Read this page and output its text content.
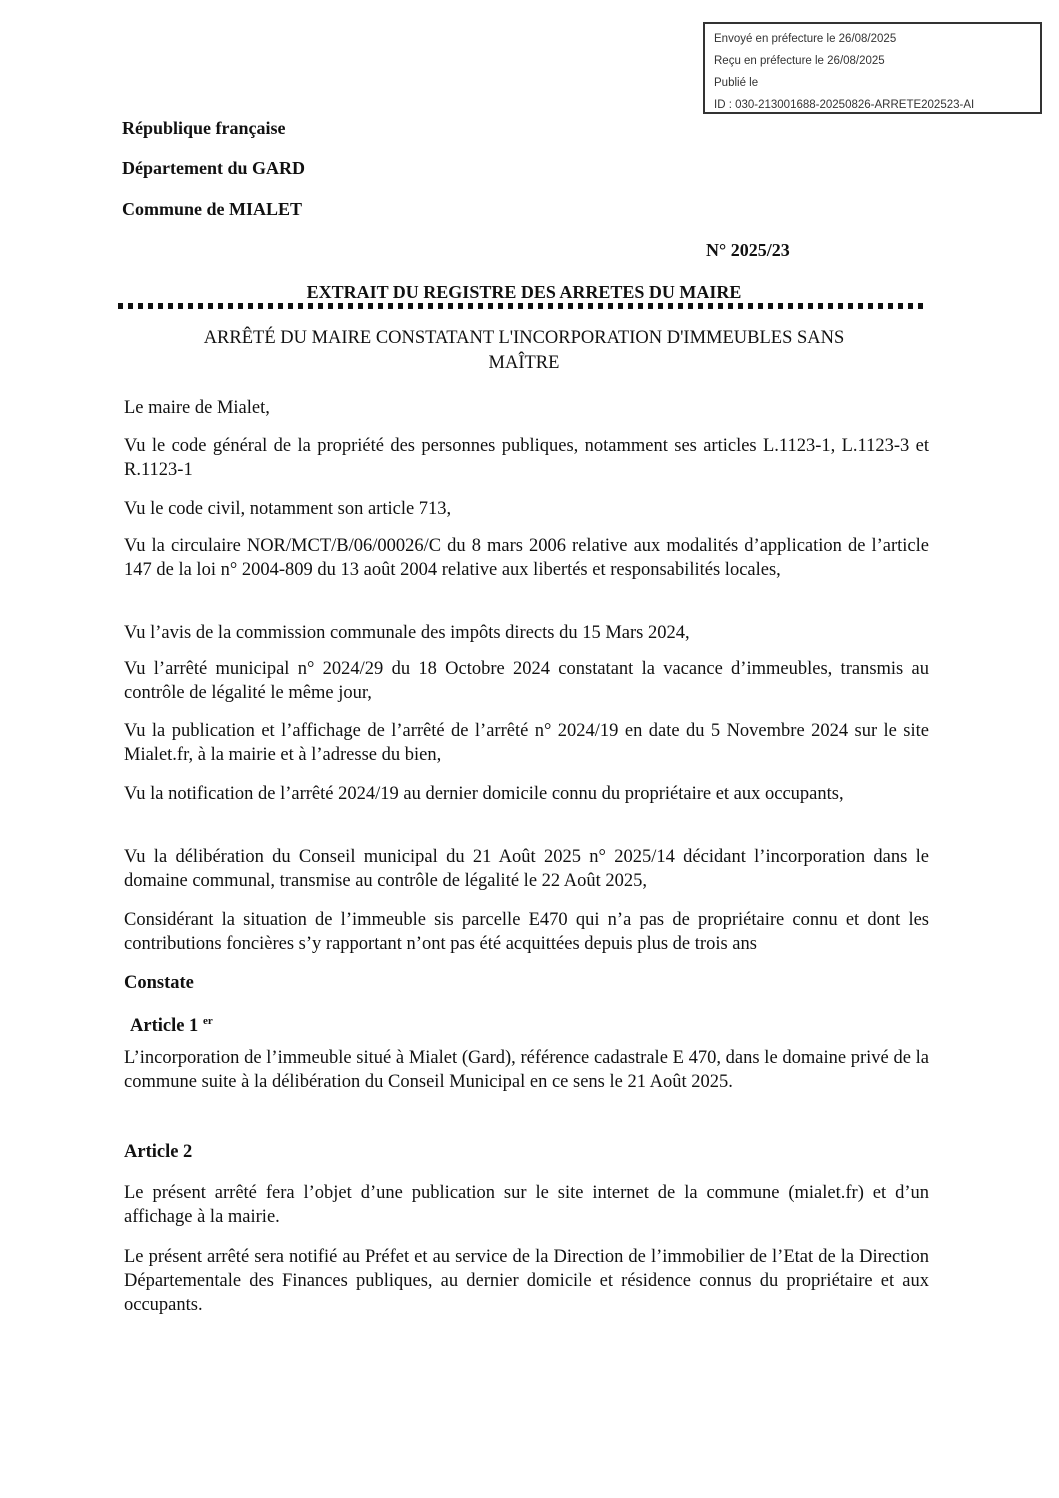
Envoyé en préfecture le 26/08/2025
Reçu en préfecture le 26/08/2025
Publié le
ID : 030-213001688-20250826-ARRETE202523-AI
République française
Département du GARD
Commune de MIALET
N° 2025/23
EXTRAIT DU REGISTRE DES ARRETES DU MAIRE
ARRÊTÉ DU MAIRE CONSTATANT L'INCORPORATION D'IMMEUBLES SANS MAÎTRE
Le maire de Mialet,
Vu le code général de la propriété des personnes publiques, notamment ses articles L.1123-1, L.1123-3 et R.1123-1
Vu le code civil, notamment son article 713,
Vu la circulaire NOR/MCT/B/06/00026/C du 8 mars 2006 relative aux modalités d’application de l’article 147 de la loi n° 2004-809 du 13 août 2004 relative aux libertés et responsabilités locales,
Vu l’avis de la commission communale des impôts directs du 15 Mars 2024,
Vu l’arrêté municipal n° 2024/29 du 18 Octobre 2024 constatant la vacance d’immeubles, transmis au contrôle de légalité le même jour,
Vu la publication et l’affichage de l’arrêté de l’arrêté n° 2024/19 en date du 5 Novembre 2024 sur le site Mialet.fr, à la mairie et à l’adresse du bien,
Vu la notification de l’arrêté 2024/19 au dernier domicile connu du propriétaire et aux occupants,
Vu la délibération du Conseil municipal du 21 Août 2025 n° 2025/14 décidant l’incorporation dans le domaine communal, transmise au contrôle de légalité le 22 Août 2025,
Considérant la situation de l’immeuble sis parcelle E470 qui n’a pas de propriétaire connu et dont les contributions foncières s’y rapportant n’ont pas été acquittées depuis plus de trois ans
Constate
Article 1 $^{er}$
L’incorporation de l’immeuble situé à Mialet (Gard), référence cadastrale E 470, dans le domaine privé de la commune suite à la délibération du Conseil Municipal en ce sens le 21 Août 2025.
Article 2
Le présent arrêté fera l’objet d’une publication sur le site internet de la commune (mialet.fr) et d’un affichage à la mairie.
Le présent arrêté sera notifié au Préfet et au service de la Direction de l’immobilier de l’Etat de la Direction Départementale des Finances publiques, au dernier domicile et résidence connus du propriétaire et aux occupants.
